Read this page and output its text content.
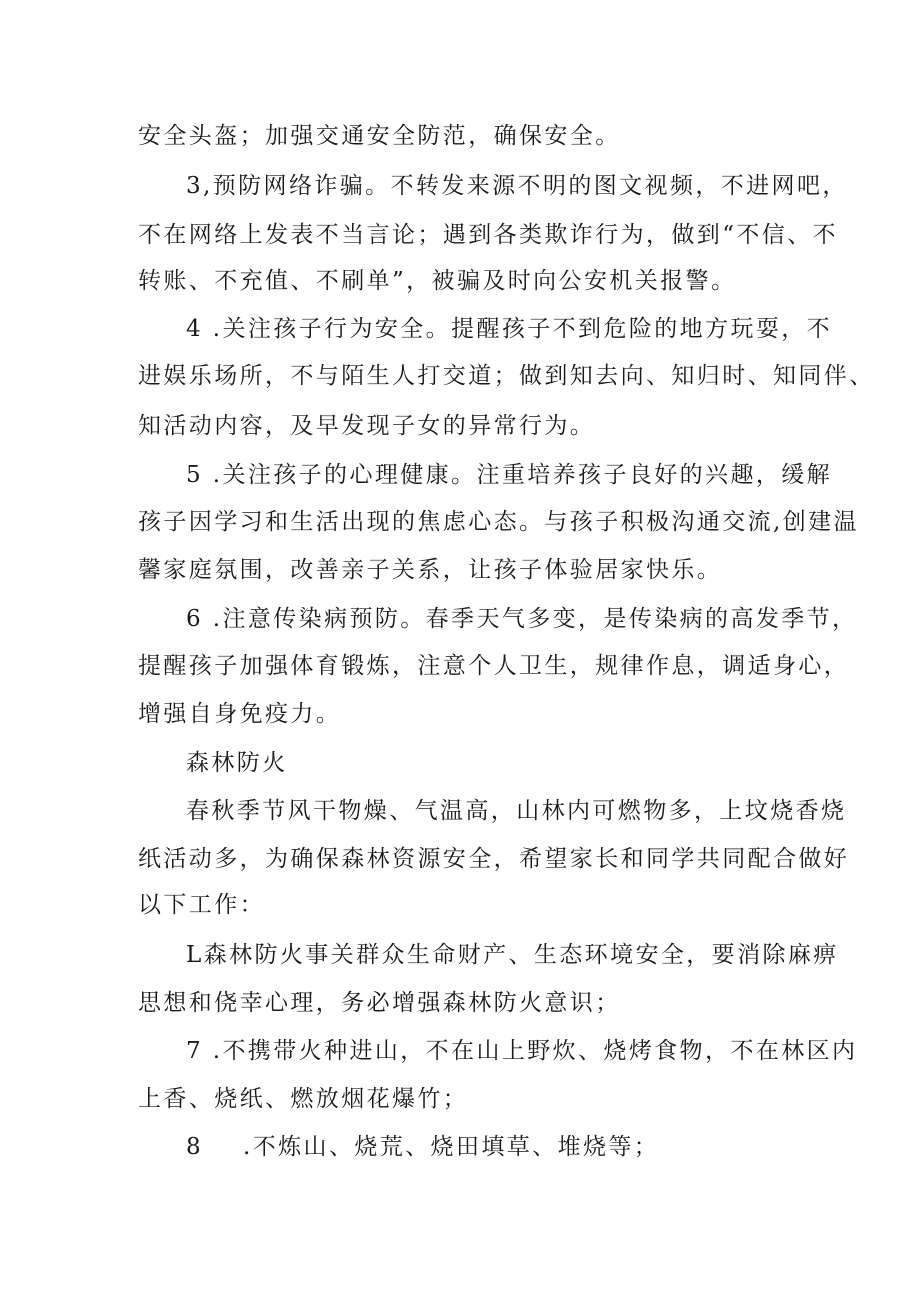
安全头盔；加强交通安全防范，确保安全。
3,预防网络诈骗。不转发来源不明的图文视频，不进网吧，
不在网络上发表不当言论；遇到各类欺诈行为，做到“不信、不
转账、不充值、不刷单”，被骗及时向公安机关报警。
4 .关注孩子行为安全。提醒孩子不到危险的地方玩耍，不
进娱乐场所，不与陌生人打交道；做到知去向、知归时、知同伴、
知活动内容，及早发现子女的异常行为。
5 .关注孩子的心理健康。注重培养孩子良好的兴趣，缓解
孩子因学习和生活出现的焦虑心态。与孩子积极沟通交流,创建温
馨家庭氛围，改善亲子关系，让孩子体验居家快乐。
6 .注意传染病预防。春季天气多变，是传染病的高发季节，
提醒孩子加强体育锻炼，注意个人卫生，规律作息，调适身心，
增强自身免疫力。
森林防火
春秋季节风干物燥、气温高，山林内可燃物多，上坟烧香烧
纸活动多，为确保森林资源安全，希望家长和同学共同配合做好
以下工作：
L森林防火事关群众生命财产、生态环境安全，要消除麻痹
思想和侥幸心理，务必增强森林防火意识；
7 .不携带火种进山，不在山上野炊、烧烤食物，不在林区内
上香、烧纸、燃放烟花爆竹；
8 .不炼山、烧荒、烧田填草、堆烧等；
